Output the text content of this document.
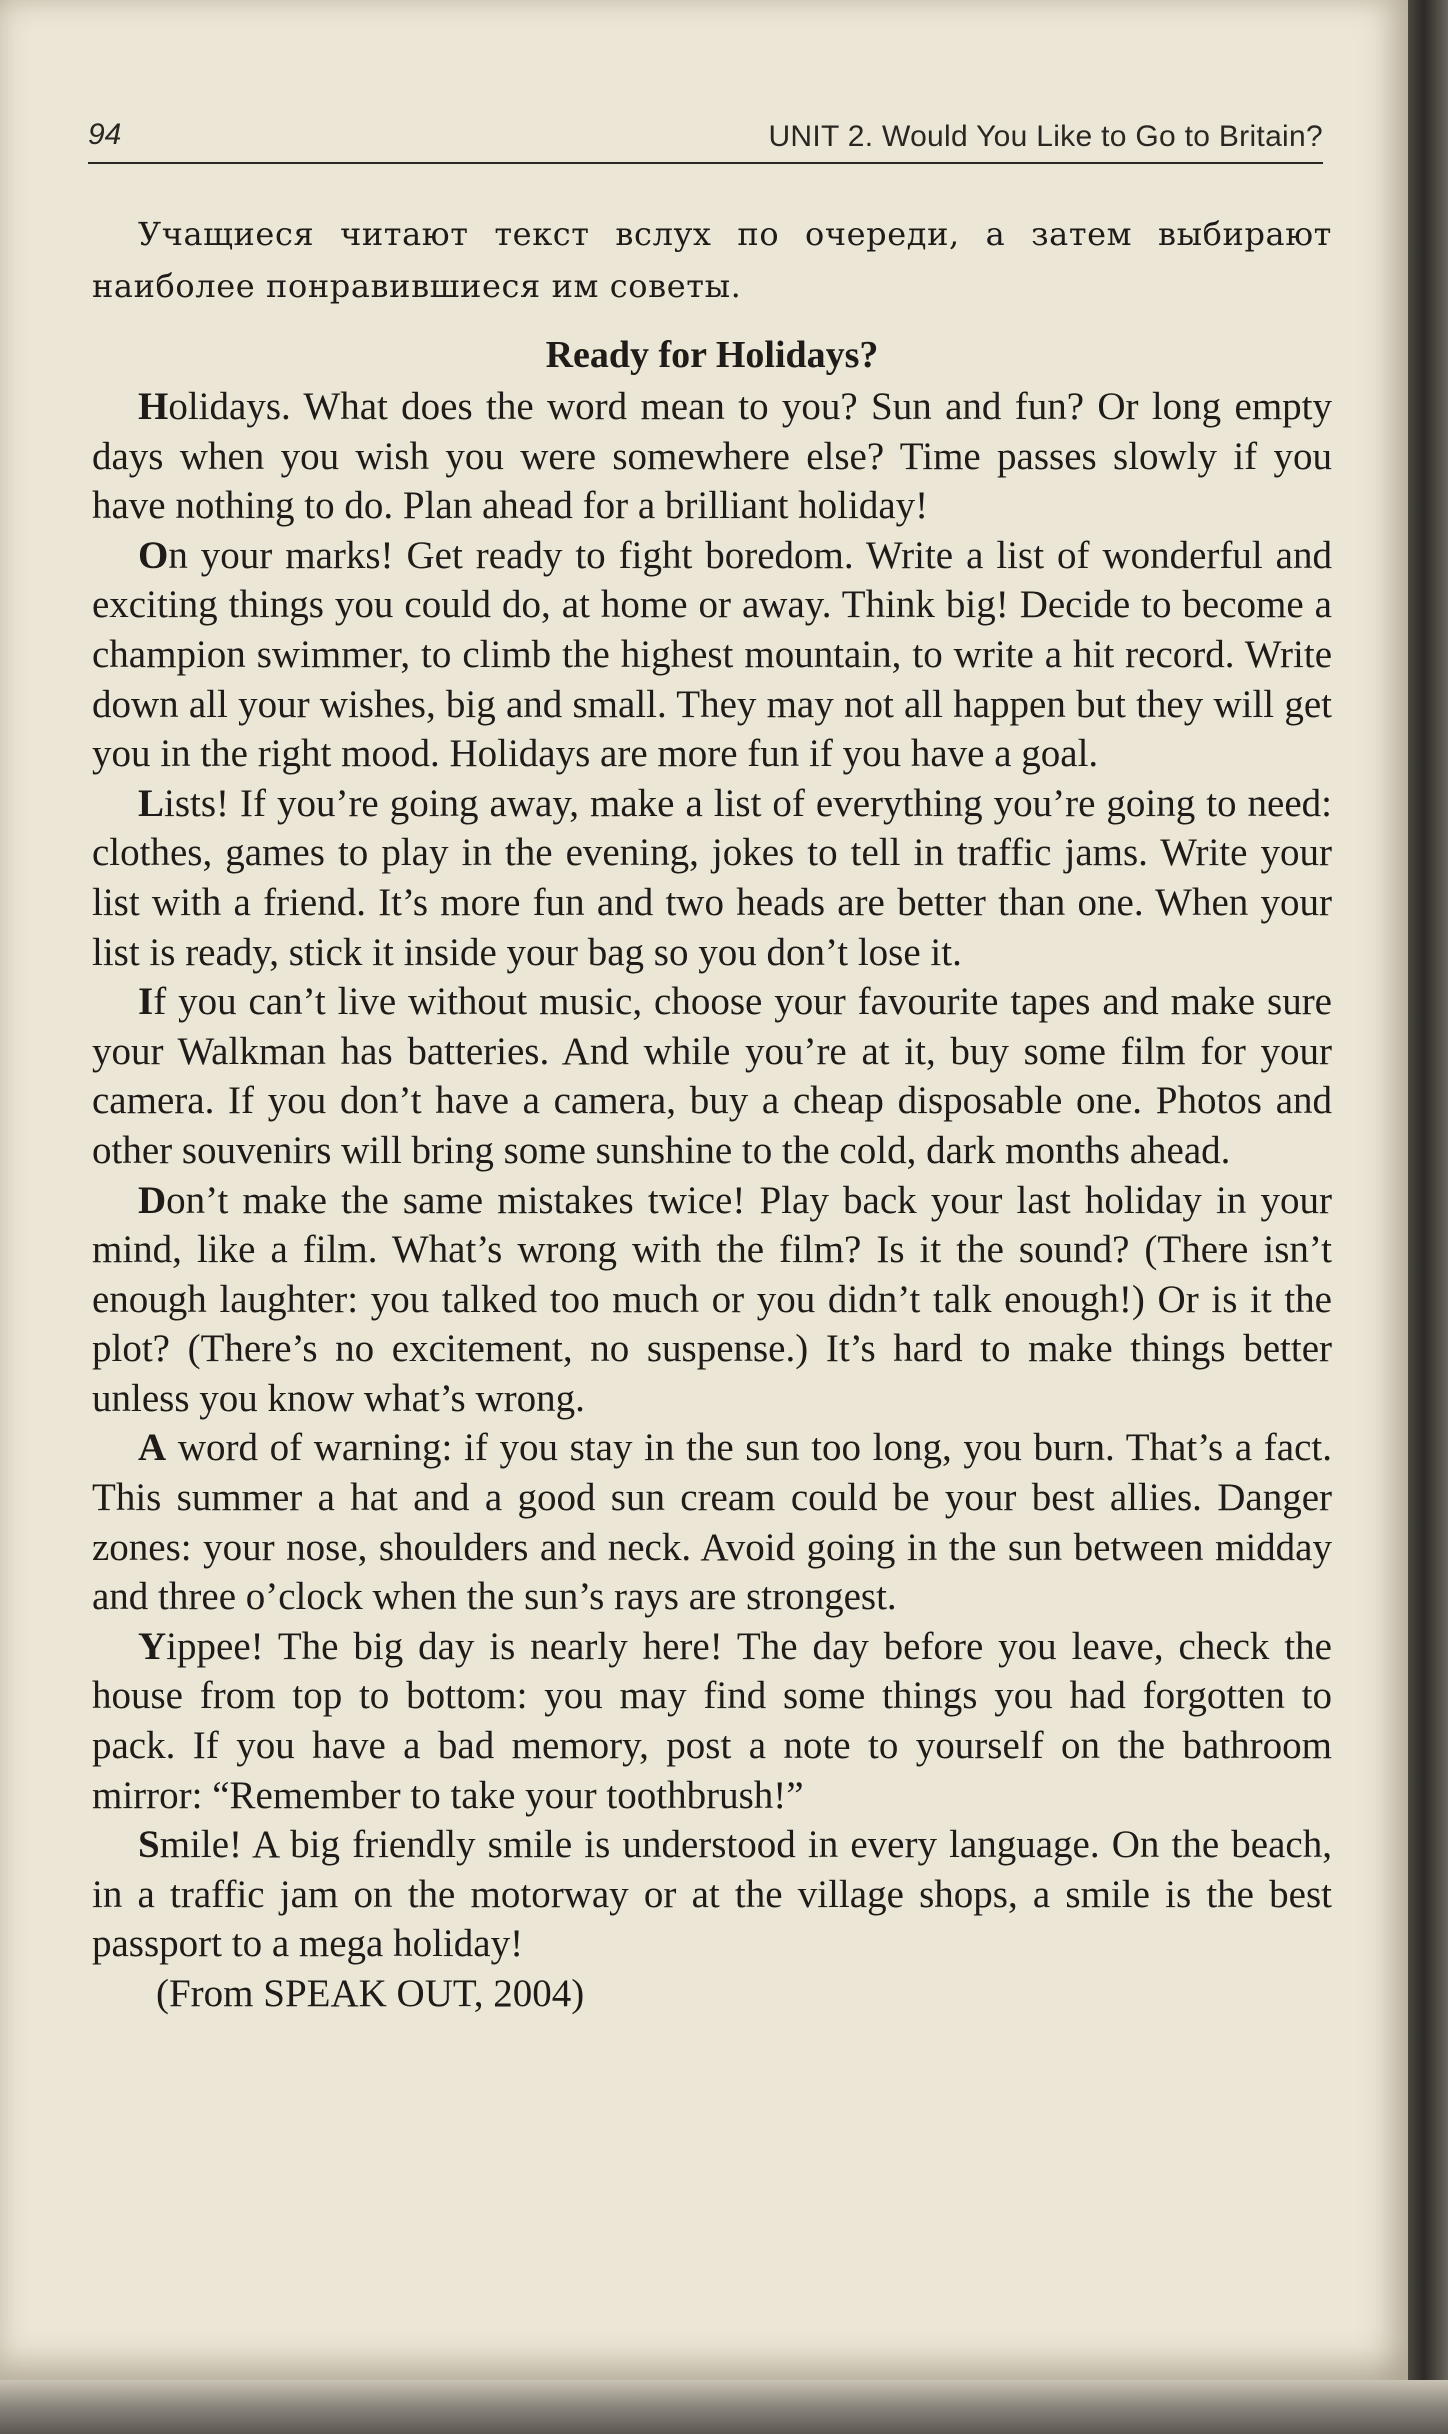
94	UNIT 2. Would You Like to Go to Britain?

Учащиеся читают текст вслух по очереди, а затем выбирают наиболее понравившиеся им советы.

Ready for Holidays?

Holidays. What does the word mean to you? Sun and fun? Or long empty days when you wish you were somewhere else? Time passes slowly if you have nothing to do. Plan ahead for a brilliant holiday!

On your marks! Get ready to fight boredom. Write a list of wonderful and exciting things you could do, at home or away. Think big! Decide to become a champion swimmer, to climb the highest mountain, to write a hit record. Write down all your wishes, big and small. They may not all happen but they will get you in the right mood. Holidays are more fun if you have a goal.

Lists! If you’re going away, make a list of everything you’re going to need: clothes, games to play in the evening, jokes to tell in traffic jams. Write your list with a friend. It’s more fun and two heads are better than one. When your list is ready, stick it inside your bag so you don’t lose it.

If you can’t live without music, choose your favourite tapes and make sure your Walkman has batteries. And while you’re at it, buy some film for your camera. If you don’t have a camera, buy a cheap disposable one. Photos and other souvenirs will bring some sunshine to the cold, dark months ahead.

Don’t make the same mistakes twice! Play back your last holiday in your mind, like a film. What’s wrong with the film? Is it the sound? (There isn’t enough laughter: you talked too much or you didn’t talk enough!) Or is it the plot? (There’s no excitement, no suspense.) It’s hard to make things better unless you know what’s wrong.

A word of warning: if you stay in the sun too long, you burn. That’s a fact. This summer a hat and a good sun cream could be your best allies. Danger zones: your nose, shoulders and neck. Avoid going in the sun between midday and three o’clock when the sun’s rays are strongest.

Yippee! The big day is nearly here! The day before you leave, check the house from top to bottom: you may find some things you had forgotten to pack. If you have a bad memory, post a note to yourself on the bathroom mirror: “Remember to take your toothbrush!”

Smile! A big friendly smile is understood in every language. On the beach, in a traffic jam on the motorway or at the village shops, a smile is the best passport to a mega holiday!

(From SPEAK OUT, 2004)
